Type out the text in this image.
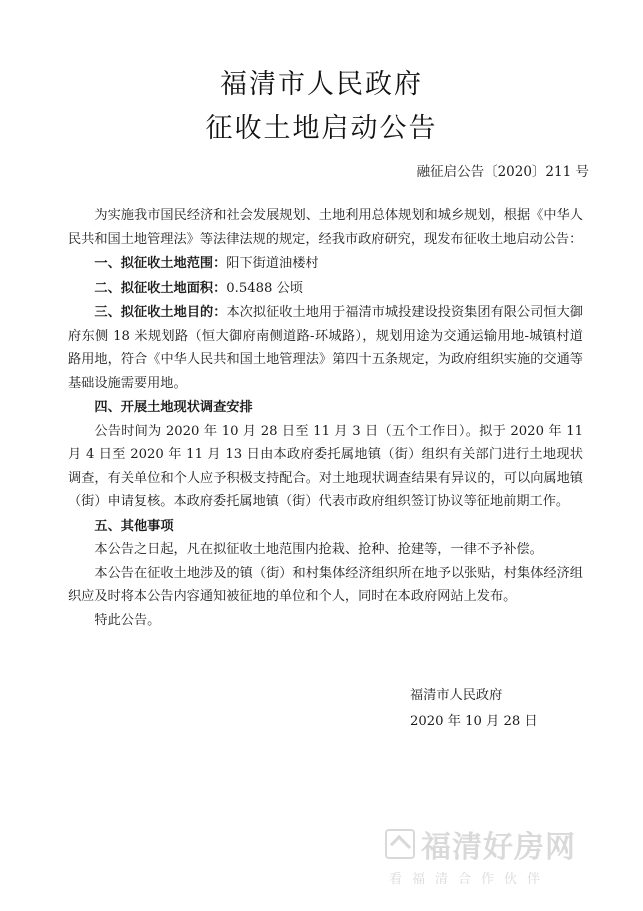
福清市人民政府
征收土地启动公告
融征启公告〔2020〕211 号

为实施我市国民经济和社会发展规划、土地利用总体规划和城乡规划，根据《中华人民共和国土地管理法》等法律法规的规定，经我市政府研究，现发布征收土地启动公告：

一、拟征收土地范围：阳下街道油楼村

二、拟征收土地面积：0.5488 公顷

三、拟征收土地目的：本次拟征收土地用于福清市城投建设投资集团有限公司恒大御府东侧 18 米规划路（恒大御府南侧道路-环城路），规划用途为交通运输用地-城镇村道路用地，符合《中华人民共和国土地管理法》第四十五条规定，为政府组织实施的交通等基础设施需要用地。

四、开展土地现状调查安排

公告时间为 2020 年 10 月 28 日至 11 月 3 日（五个工作日）。拟于 2020 年 11 月 4 日至 2020 年 11 月 13 日由本政府委托属地镇（街）组织有关部门进行土地现状调查，有关单位和个人应予积极支持配合。对土地现状调查结果有异议的，可以向属地镇（街）申请复核。本政府委托属地镇（街）代表市政府组织签订协议等征地前期工作。

五、其他事项

本公告之日起，凡在拟征收土地范围内抢栽、抢种、抢建等，一律不予补偿。

本公告在征收土地涉及的镇（街）和村集体经济组织所在地予以张贴，村集体经济组织应及时将本公告内容通知被征地的单位和个人，同时在本政府网站上发布。

特此公告。

福清市人民政府
2020 年 10 月 28 日
福清好房网
看福清合作伙伴
